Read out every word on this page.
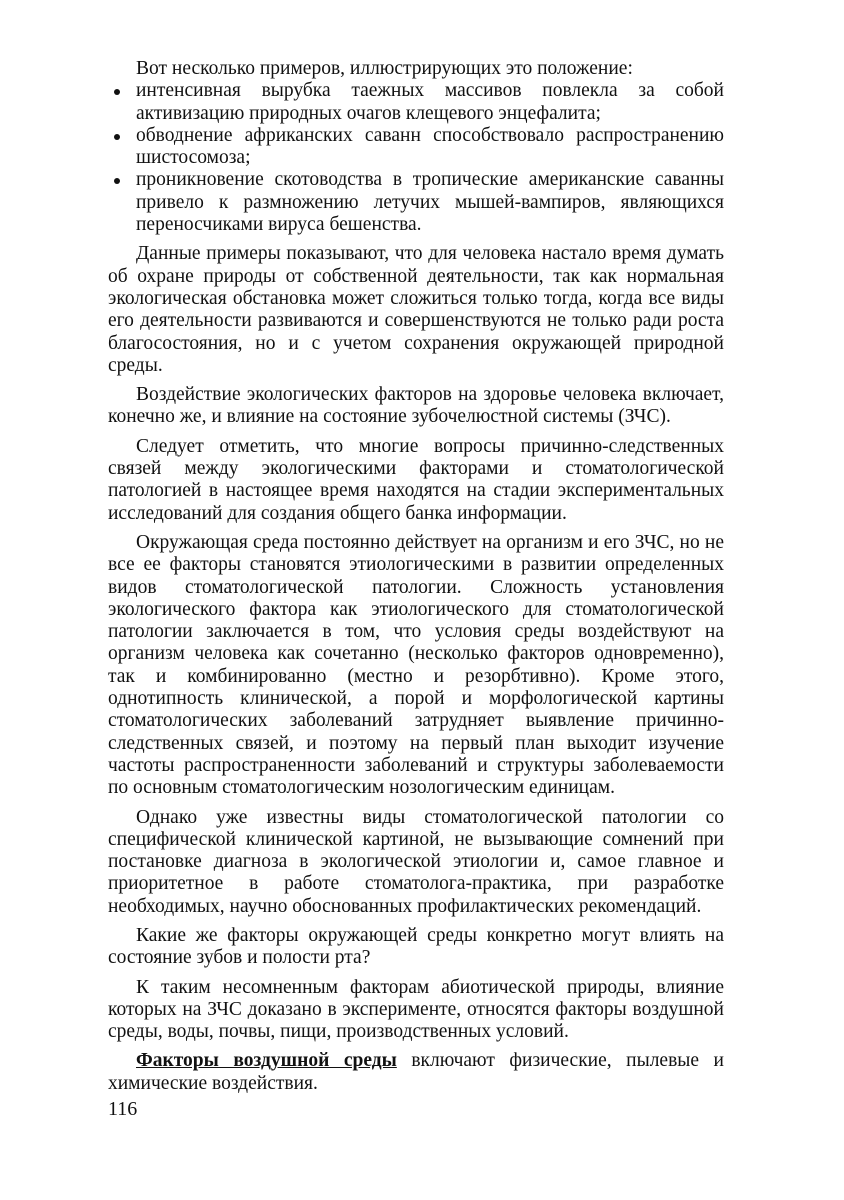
Вот несколько примеров, иллюстрирующих это положение:

интенсивная вырубка таежных массивов повлекла за собой активизацию природных очагов клещевого энцефалита;
обводнение африканских саванн способствовало распространению шистосомоза;
проникновение скотоводства в тропические американские саванны привело к размножению летучих мышей-вампиров, являющихся переносчиками вируса бешенства.

Данные примеры показывают, что для человека настало время думать об охране природы от собственной деятельности, так как нормальная экологическая обстановка может сложиться только тогда, когда все виды его деятельности развиваются и совершенствуются не только ради роста благосостояния, но и с учетом сохранения окружающей природной среды.

Воздействие экологических факторов на здоровье человека включает, конечно же, и влияние на состояние зубочелюстной системы (ЗЧС).

Следует отметить, что многие вопросы причинно-следственных связей между экологическими факторами и стоматологической патологией в настоящее время находятся на стадии экспериментальных исследований для создания общего банка информации.

Окружающая среда постоянно действует на организм и его ЗЧС, но не все ее факторы становятся этиологическими в развитии определенных видов стоматологической патологии. Сложность установления экологического фактора как этиологического для стоматологической патологии заключается в том, что условия среды воздействуют на организм человека как сочетанно (несколько факторов одновременно), так и комбинированно (местно и резорбтивно). Кроме этого, однотипность клинической, а порой и морфологической картины стоматологических заболеваний затрудняет выявление причинно-следственных связей, и поэтому на первый план выходит изучение частоты распространенности заболеваний и структуры заболеваемости по основным стоматологическим нозологическим единицам.

Однако уже известны виды стоматологической патологии со специфической клинической картиной, не вызывающие сомнений при постановке диагноза в экологической этиологии и, самое главное и приоритетное в работе стоматолога-практика, при разработке необходимых, научно обоснованных профилактических рекомендаций.

Какие же факторы окружающей среды конкретно могут влиять на состояние зубов и полости рта?

К таким несомненным факторам абиотической природы, влияние которых на ЗЧС доказано в эксперименте, относятся факторы воздушной среды, воды, почвы, пищи, производственных условий.

Факторы воздушной среды включают физические, пылевые и химические воздействия.

116
